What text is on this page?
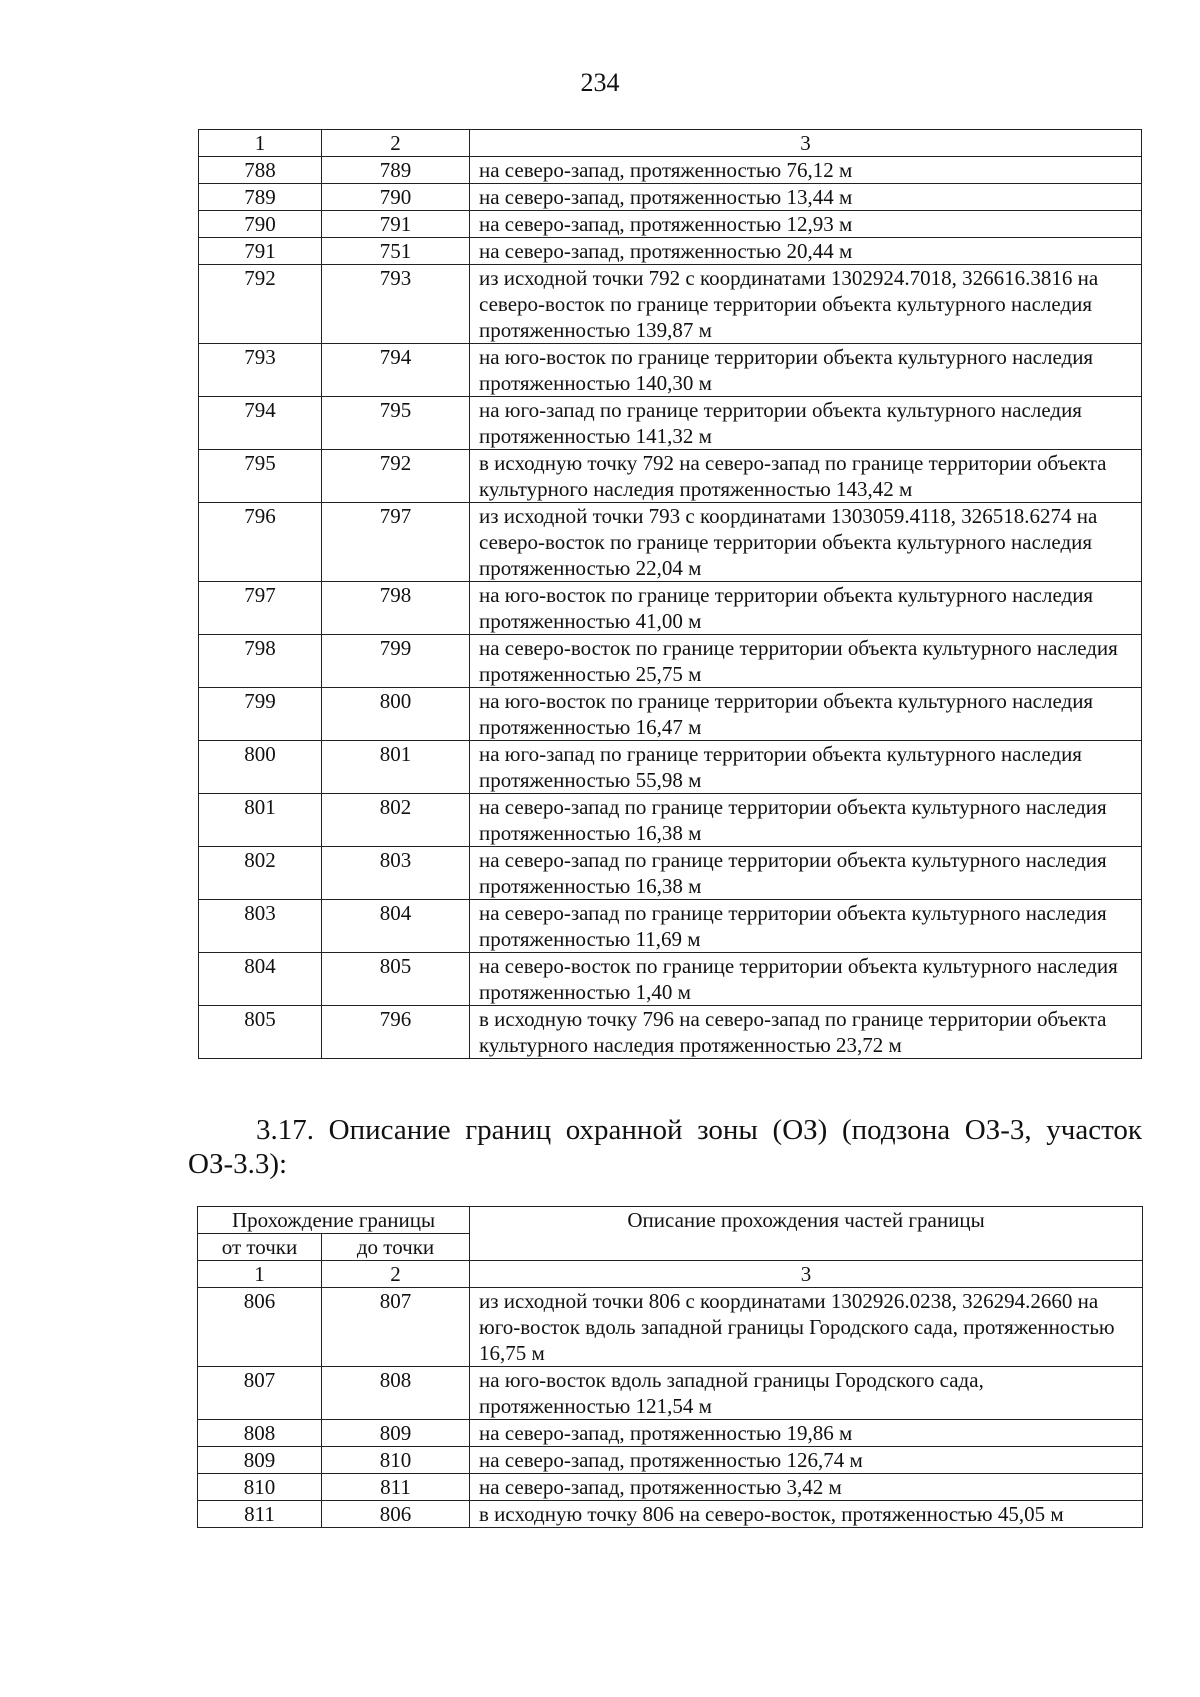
234
1	2	3
788	789	на северо-запад, протяженностью 76,12 м
789	790	на северо-запад, протяженностью 13,44 м
790	791	на северо-запад, протяженностью 12,93 м
791	751	на северо-запад, протяженностью 20,44 м
792	793	из исходной точки 792 с координатами 1302924.7018, 326616.3816 на северо-восток по границе территории объекта культурного наследия протяженностью 139,87 м
793	794	на юго-восток по границе территории объекта культурного наследия протяженностью 140,30 м
794	795	на юго-запад по границе территории объекта культурного наследия протяженностью 141,32 м
795	792	в исходную точку 792 на северо-запад по границе территории объекта культурного наследия протяженностью 143,42 м
796	797	из исходной точки 793 с координатами 1303059.4118, 326518.6274 на северо-восток по границе территории объекта культурного наследия протяженностью 22,04 м
797	798	на юго-восток по границе территории объекта культурного наследия протяженностью 41,00 м
798	799	на северо-восток по границе территории объекта культурного наследия протяженностью 25,75 м
799	800	на юго-восток по границе территории объекта культурного наследия протяженностью 16,47 м
800	801	на юго-запад по границе территории объекта культурного наследия протяженностью 55,98 м
801	802	на северо-запад по границе территории объекта культурного наследия протяженностью 16,38 м
802	803	на северо-запад по границе территории объекта культурного наследия протяженностью 16,38 м
803	804	на северо-запад по границе территории объекта культурного наследия протяженностью 11,69 м
804	805	на северо-восток по границе территории объекта культурного наследия протяженностью 1,40 м
805	796	в исходную точку 796 на северо-запад по границе территории объекта культурного наследия протяженностью 23,72 м
3.17. Описание границ охранной зоны (ОЗ) (подзона ОЗ-3, участок ОЗ-3.3):
Прохождение границы		Описание прохождения частей границы
от точки	до точки	
1	2	3
806	807	из исходной точки 806 с координатами 1302926.0238, 326294.2660 на юго-восток вдоль западной границы Городского сада, протяженностью 16,75 м
807	808	на юго-восток вдоль западной границы Городского сада, протяженностью 121,54 м
808	809	на северо-запад, протяженностью 19,86 м
809	810	на северо-запад, протяженностью 126,74 м
810	811	на северо-запад, протяженностью 3,42 м
811	806	в исходную точку 806 на северо-восток, протяженностью 45,05 м
